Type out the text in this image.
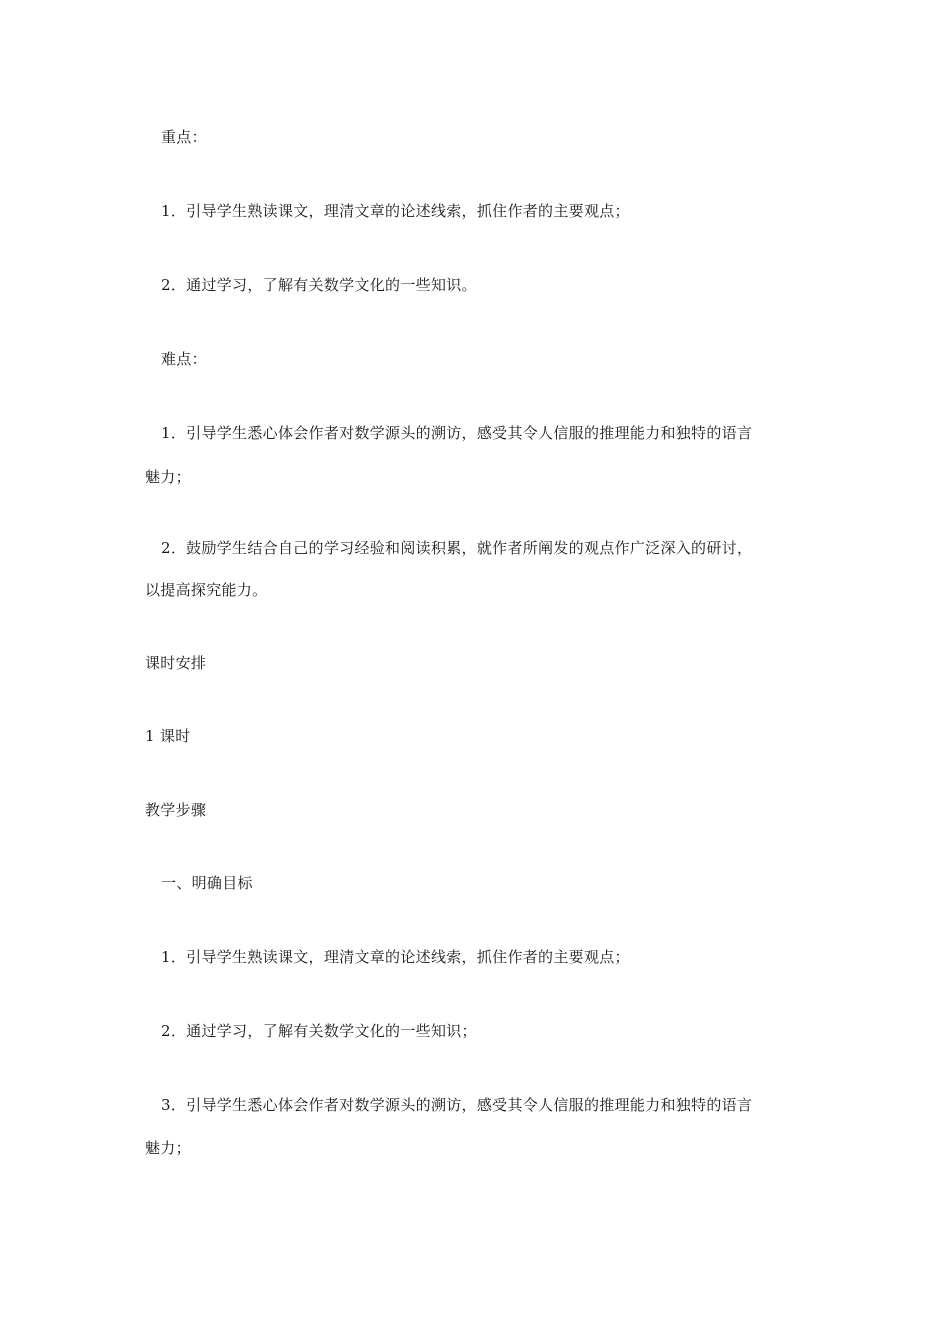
重点：
1．引导学生熟读课文，理清文章的论述线索，抓住作者的主要观点；
2．通过学习，了解有关数学文化的一些知识。
难点：
1．引导学生悉心体会作者对数学源头的溯访，感受其令人信服的推理能力和独特的语言
魅力；
2．鼓励学生结合自己的学习经验和阅读积累，就作者所阐发的观点作广泛深入的研讨，
以提高探究能力。
课时安排
1 课时
教学步骤
一、明确目标
1．引导学生熟读课文，理清文章的论述线索，抓住作者的主要观点；
2．通过学习，了解有关数学文化的一些知识；
3．引导学生悉心体会作者对数学源头的溯访，感受其令人信服的推理能力和独特的语言
魅力；
